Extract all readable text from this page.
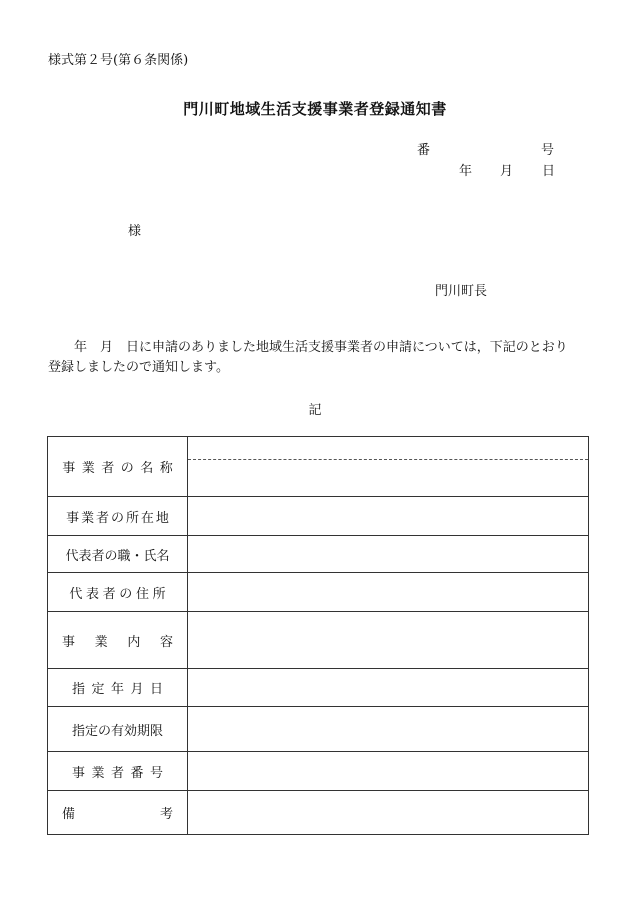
様式第２号(第６条関係)
門川町地域生活支援事業者登録通知書
番	号
年 月 日
様
門川町長

年　月　日に申請のありました地域生活支援事業者の申請については，下記のとおり

登録しましたので通知します。

記
事業者の名称	

事業者の所在地	
代表者の職・氏名	
代表者の住所	

事 業 内 容	

指定年月日	
指定の有効期限	
事業者番号	

備 考	
